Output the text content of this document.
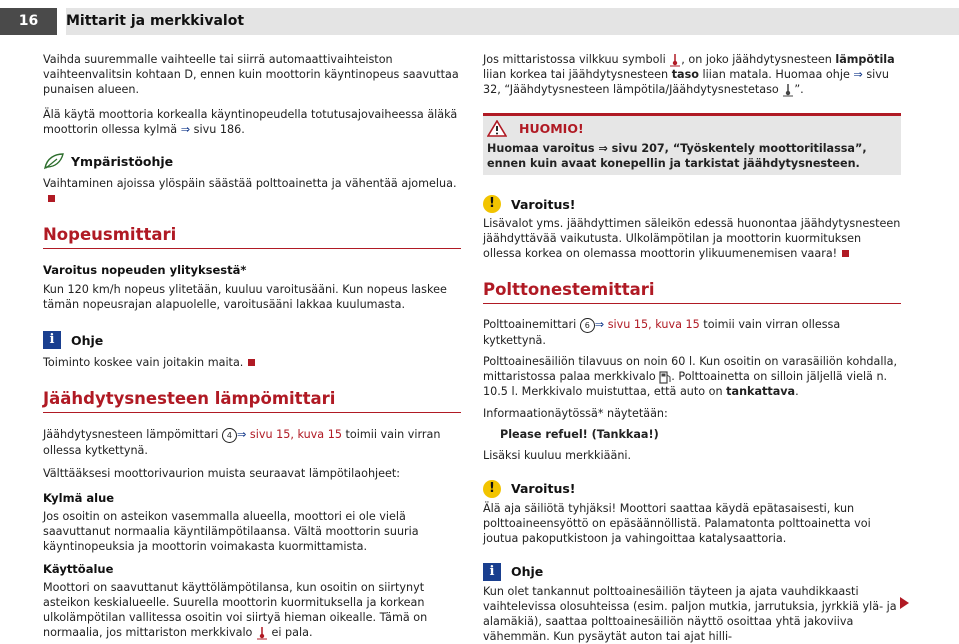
16	Mittarit ja merkkivalot

Vaihda suuremmalle vaihteelle tai siirrä automaattivaihteiston vaihteenvalitsin kohtaan D, ennen kuin moottorin käyntinopeus saavuttaa punaisen alueen.

Älä käytä moottoria korkealla käyntinopeudella totutusajovaiheessa äläkä moottorin ollessa kylmä ⇒ sivu 186.

Ympäristöohje

Vaihtaminen ajoissa ylöspäin säästää polttoainetta ja vähentää ajomelua.

Nopeusmittari

Varoitus nopeuden ylityksestä*

Kun 120 km/h nopeus ylitetään, kuuluu varoitusääni. Kun nopeus laskee tämän nopeusrajan alapuolelle, varoitusääni lakkaa kuulumasta.

i	Ohje

Toiminto koskee vain joitakin maita.

Jäähdytysnesteen lämpömittari

Jäähdytysnesteen lämpömittari 4 ⇒ sivu 15, kuva 15 toimii vain virran ollessa kytkettynä.

Välttääksesi moottorivaurion muista seuraavat lämpötilaohjeet:

Kylmä alue

Jos osoitin on asteikon vasemmalla alueella, moottori ei ole vielä saavuttanut normaalia käyntilämpötilaansa. Vältä moottorin suuria käyntinopeuksia ja moottorin voimakasta kuormittamista.

Käyttöalue

Moottori on saavuttanut käyttölämpötilansa, kun osoitin on siirtynyt asteikon keskialueelle. Suurella moottorin kuormituksella ja korkean ulkolämpötilan vallitessa osoitin voi siirtyä hieman oikealle. Tämä on normaalia, jos mittariston merkkivalo  ei pala.

Jos mittaristossa vilkkuu symboli , on joko jäähdytysnesteen lämpötila liian korkea tai jäähdytysnesteen taso liian matala. Huomaa ohje ⇒ sivu 32, “Jäähdytysnesteen lämpötila/Jäähdytysnestetaso ”.

HUOMIO!

Huomaa varoitus ⇒ sivu 207, “Työskentely moottoritilassa”, ennen kuin avaat konepellin ja tarkistat jäähdytysnesteen.

!	Varoitus!

Lisävalot yms. jäähdyttimen säleikön edessä huonontaa jäähdytysnesteen jäähdyttävää vaikutusta. Ulkolämpötilan ja moottorin kuormituksen ollessa korkea on olemassa moottorin ylikuumenemisen vaara!

Polttonestemittari

Polttoainemittari 6 ⇒ sivu 15, kuva 15 toimii vain virran ollessa kytkettynä.

Polttoainesäiliön tilavuus on noin 60 l. Kun osoitin on varasäiliön kohdalla, mittaristossa palaa merkkivalo . Polttoainetta on silloin jäljellä vielä n. 10.5 l. Merkkivalo muistuttaa, että auto on tankattava.

Informaationäytössä* näytetään:

Please refuel! (Tankkaa!)

Lisäksi kuuluu merkkiääni.

!	Varoitus!

Älä aja säiliötä tyhjäksi! Moottori saattaa käydä epätasaisesti, kun polttoaineensyöttö on epäsäännöllistä. Palamatonta polttoainetta voi joutua pakoputkistoon ja vahingoittaa katalysaattoria.

i	Ohje

Kun olet tankannut polttoainesäiliön täyteen ja ajata vauhdikkaasti vaihtelevissa olosuhteissa (esim. paljon mutkia, jarrutuksia, jyrkkiä ylä- ja alamäkiä), saattaa polttoainesäiliön näyttö osoittaa yhtä jakoviiva vähemmän. Kun pysäytät auton tai ajat hilli-
